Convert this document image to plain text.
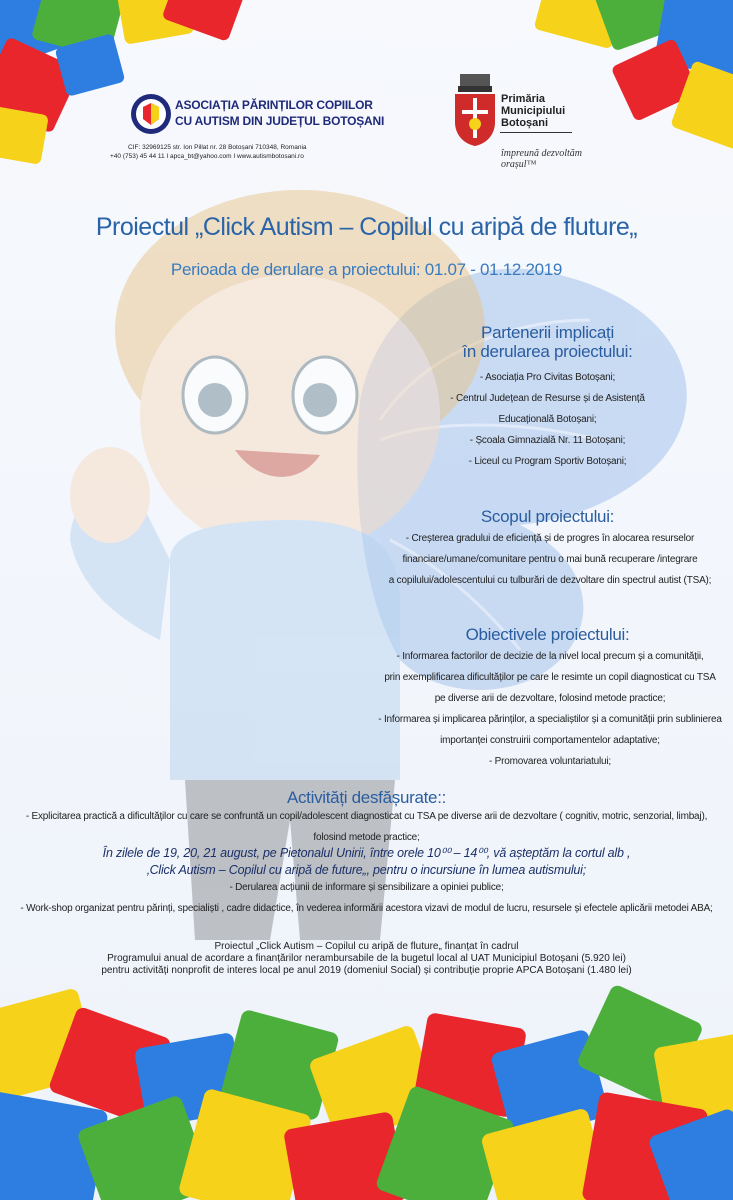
ASOCIAȚIA PĂRINȚILOR COPIILOR
CU AUTISM DIN JUDEȚUL BOTOȘANI
CIF: 32969125 str. Ion Pillat nr. 28 Botoșani 710348, Romania
+40 (753) 45 44 11 I apca_bt@yahoo.com I www.autismbotosani.ro
Primăria
Municipiului
Botoșani
împreună dezvoltăm
orașul™
Proiectul „Click Autism – Copilul cu aripă de fluture„
Perioada de derulare a proiectului: 01.07 - 01.12.2019
Partenerii implicați
în derularea proiectului:
- Asociația Pro Civitas Botoșani;
- Centrul Județean de Resurse și de Asistență
Educațională Botoșani;
- Școala Gimnazială Nr. 11 Botoșani;
- Liceul cu Program Sportiv Botoșani;
Scopul proiectului:
- Creșterea gradului de eficiență și de progres în alocarea resurselor
financiare/umane/comunitare pentru o mai bună recuperare /integrare
a copilului/adolescentului cu tulburări de dezvoltare din spectrul autist (TSA);
Obiectivele proiectului:
- Informarea factorilor de decizie de la nivel local precum și a comunității,
prin exemplificarea dificultăților pe care le resimte un copil diagnosticat cu TSA
pe diverse arii de dezvoltare, folosind metode practice;
- Informarea și implicarea părinților, a specialiștilor și a comunității prin sublinierea
importanței construirii comportamentelor adaptative;
- Promovarea voluntariatului;
Activități desfășurate::
- Explicitarea practică a dificultăților cu care se confruntă un copil/adolescent diagnosticat cu TSA pe diverse arii de dezvoltare ( cognitiv, motric, senzorial, limbaj),
folosind metode practice;
În zilele de 19, 20, 21 august, pe Pietonalul Unirii, între orele 10⁰⁰ – 14⁰⁰, vă așteptăm la cortul alb ,
‚Click Autism – Copilul cu aripă de future„, pentru o incursiune în lumea autismului;
- Derularea acțiunii de informare și sensibilizare a opiniei publice;
- Work-shop organizat pentru părinți, specialiști , cadre didactice, în vederea informării acestora vizavi de modul de lucru, resursele și efectele aplicării metodei ABA;
Proiectul „Click Autism – Copilul cu aripă de fluture„ finanțat în cadrul
Programului anual de acordare a finanțărilor nerambursabile de la bugetul local al UAT Municipiul Botoșani (5.920 lei)
pentru activități nonprofit de interes local pe anul 2019 (domeniul Social) și contribuție proprie APCA Botoșani (1.480 lei)
